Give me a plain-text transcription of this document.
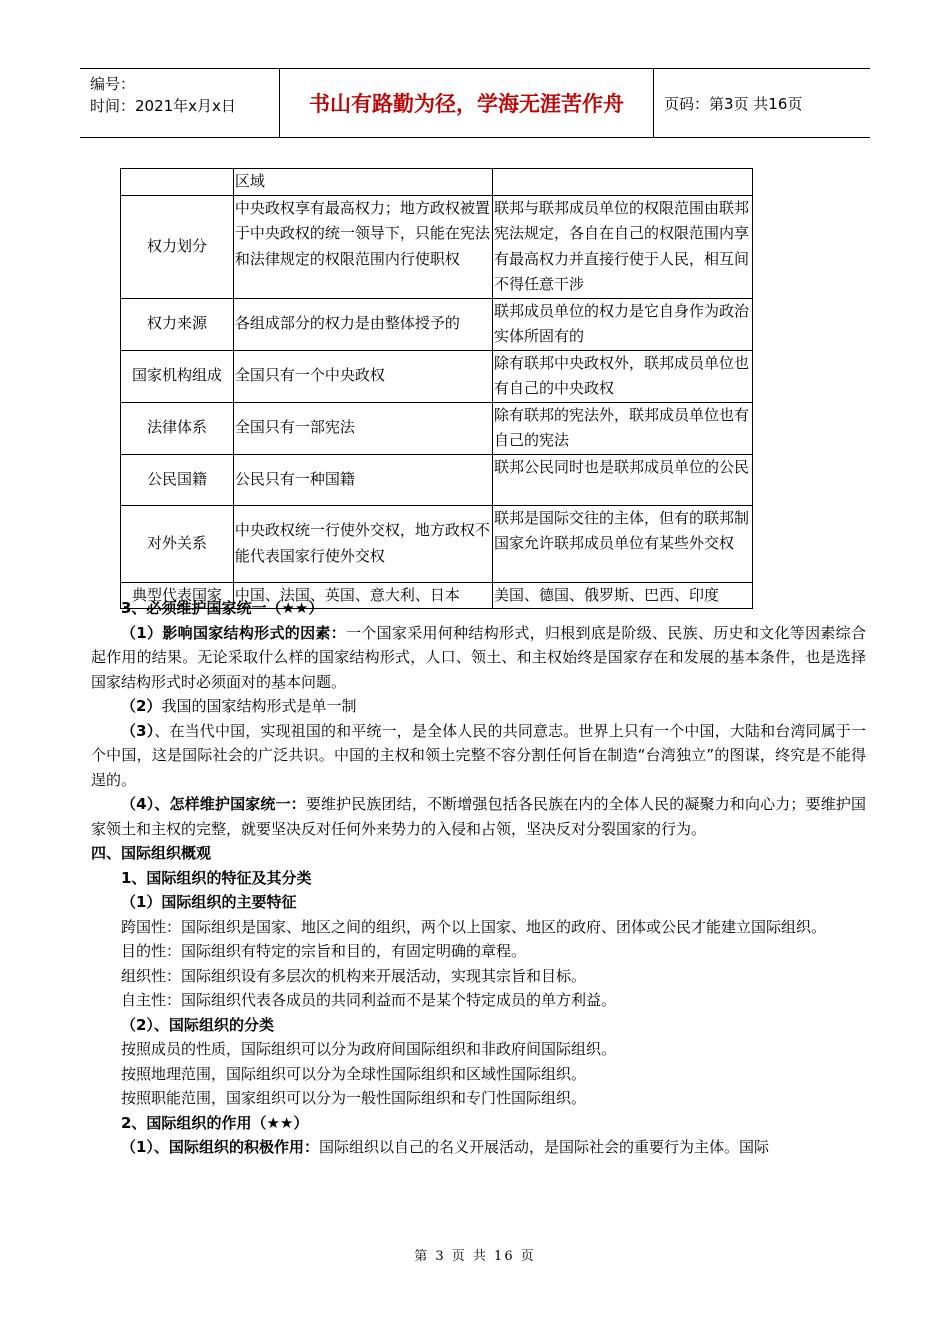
编号：
时间：2021年x月x日	书山有路勤为径，学海无涯苦作舟	页码：第3页 共16页
	区域	
权力划分	中央政权享有最高权力；地方政权被置于中央政权的统一领导下，只能在宪法和法律规定的权限范围内行使职权	联邦与联邦成员单位的权限范围由联邦宪法规定，各自在自己的权限范围内享有最高权力并直接行使于人民，相互间不得任意干涉
权力来源	各组成部分的权力是由整体授予的	联邦成员单位的权力是它自身作为政治实体所固有的
国家机构组成	全国只有一个中央政权	除有联邦中央政权外，联邦成员单位也有自己的中央政权
法律体系	全国只有一部宪法	除有联邦的宪法外，联邦成员单位也有自己的宪法
公民国籍	公民只有一种国籍	联邦公民同时也是联邦成员单位的公民
对外关系	中央政权统一行使外交权，地方政权不能代表国家行使外交权	联邦是国际交往的主体，但有的联邦制国家允许联邦成员单位有某些外交权
典型代表国家	中国、法国、英国、意大利、日本	美国、德国、俄罗斯、巴西、印度

3、必须维护国家统一（★★）

（1）影响国家结构形式的因素：一个国家采用何种结构形式，归根到底是阶级、民族、历史和文化等因素综合起作用的结果。无论采取什么样的国家结构形式，人口、领土、和主权始终是国家存在和发展的基本条件，也是选择国家结构形式时必须面对的基本问题。

（2）我国的国家结构形式是单一制

（3）、在当代中国，实现祖国的和平统一，是全体人民的共同意志。世界上只有一个中国，大陆和台湾同属于一个中国，这是国际社会的广泛共识。中国的主权和领土完整不容分割任何旨在制造“台湾独立”的图谋，终究是不能得逞的。

（4）、怎样维护国家统一：要维护民族团结，不断增强包括各民族在内的全体人民的凝聚力和向心力；要维护国家领土和主权的完整，就要坚决反对任何外来势力的入侵和占领，坚决反对分裂国家的行为。

四、国际组织概观

1、国际组织的特征及其分类

（1）国际组织的主要特征

跨国性：国际组织是国家、地区之间的组织，两个以上国家、地区的政府、团体或公民才能建立国际组织。

目的性：国际组织有特定的宗旨和目的，有固定明确的章程。

组织性：国际组织设有多层次的机构来开展活动，实现其宗旨和目标。

自主性：国际组织代表各成员的共同利益而不是某个特定成员的单方利益。

（2）、国际组织的分类

按照成员的性质，国际组织可以分为政府间国际组织和非政府间国际组织。

按照地理范围，国际组织可以分为全球性国际组织和区域性国际组织。

按照职能范围，国家组织可以分为一般性国际组织和专门性国际组织。

2、国际组织的作用（★★）

（1）、国际组织的积极作用：国际组织以自己的名义开展活动，是国际社会的重要行为主体。国际

第 3 页 共 16 页
